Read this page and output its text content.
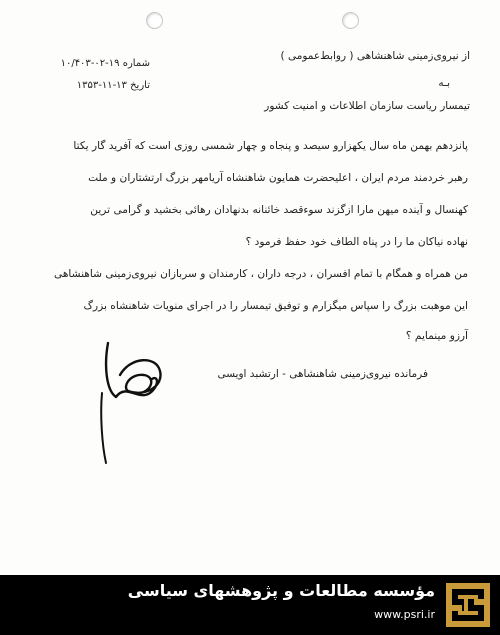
شماره ۱۹-۰۲-۱۰/۴۰۳
تاریخ ۱۳-۱۱-۱۳۵۳
از نیروی‌زمینی شاهنشاهی ( روابط‌عمومی )
بـه
تیمسار ریاست سازمان اطلاعات و امنیت کشور
پانزدهم بهمن ماه سال یکهزارو سیصد و پنجاه و چهار شمسی روزی است که آفرید گار یکتا
رهبر خردمند مردم ایران ، اعلیحضرت همایون شاهنشاه آریامهر بزرگ ارتشتاران و ملت
کهنسال و آینده میهن مارا ازگزند سوءقصد خائنانه بدنهادان رهائی بخشید و گرامی ترین
نهاده نیاکان ما را در پناه الطاف خود حفظ فرمود ؟
من همراه و همگام با تمام افسران ، درجه داران ، کارمندان و سربازان نیروی‌زمینی شاهنشاهی
این موهبت بزرگ را سپاس میگزارم و توفیق تیمسار را در اجرای منویات شاهنشاه بزرگ
آرزو مینمایم ؟
فرمانده نیروی‌زمینی شاهنشاهی - ارتشبد اویسی
مؤسسه مطالعات و پژوهشهای سیاسی
www.psri.ir
